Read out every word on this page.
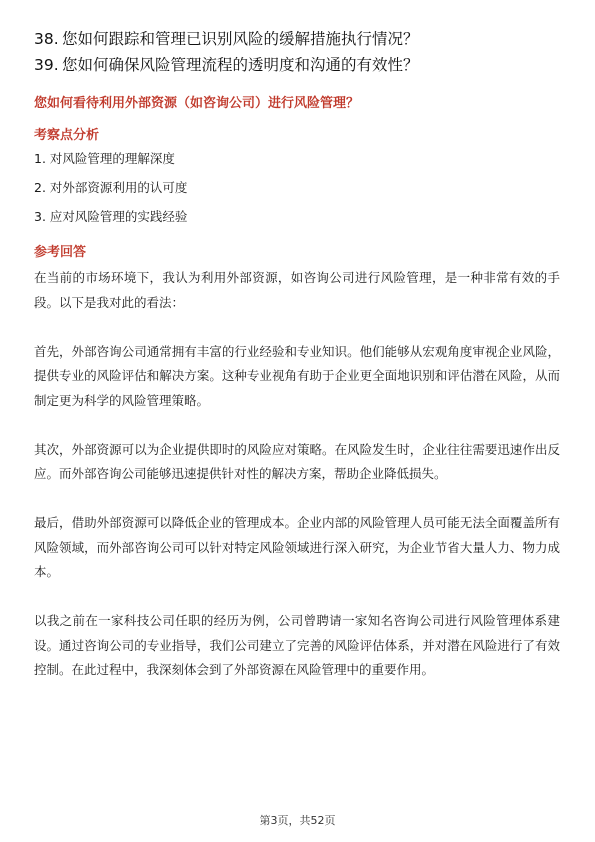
38. 您如何跟踪和管理已识别风险的缓解措施执行情况？
39. 您如何确保风险管理流程的透明度和沟通的有效性？
您如何看待利用外部资源（如咨询公司）进行风险管理？
考察点分析
1. 对风险管理的理解深度
2. 对外部资源利用的认可度
3. 应对风险管理的实践经验
参考回答

在当前的市场环境下，我认为利用外部资源，如咨询公司进行风险管理，是一种非常有效的手段。以下是我对此的看法：

首先，外部咨询公司通常拥有丰富的行业经验和专业知识。他们能够从宏观角度审视企业风险，提供专业的风险评估和解决方案。这种专业视角有助于企业更全面地识别和评估潜在风险，从而制定更为科学的风险管理策略。

其次，外部资源可以为企业提供即时的风险应对策略。在风险发生时，企业往往需要迅速作出反应。而外部咨询公司能够迅速提供针对性的解决方案，帮助企业降低损失。

最后，借助外部资源可以降低企业的管理成本。企业内部的风险管理人员可能无法全面覆盖所有风险领域，而外部咨询公司可以针对特定风险领域进行深入研究，为企业节省大量人力、物力成本。

以我之前在一家科技公司任职的经历为例，公司曾聘请一家知名咨询公司进行风险管理体系建设。通过咨询公司的专业指导，我们公司建立了完善的风险评估体系，并对潜在风险进行了有效控制。在此过程中，我深刻体会到了外部资源在风险管理中的重要作用。

第3页，共52页
